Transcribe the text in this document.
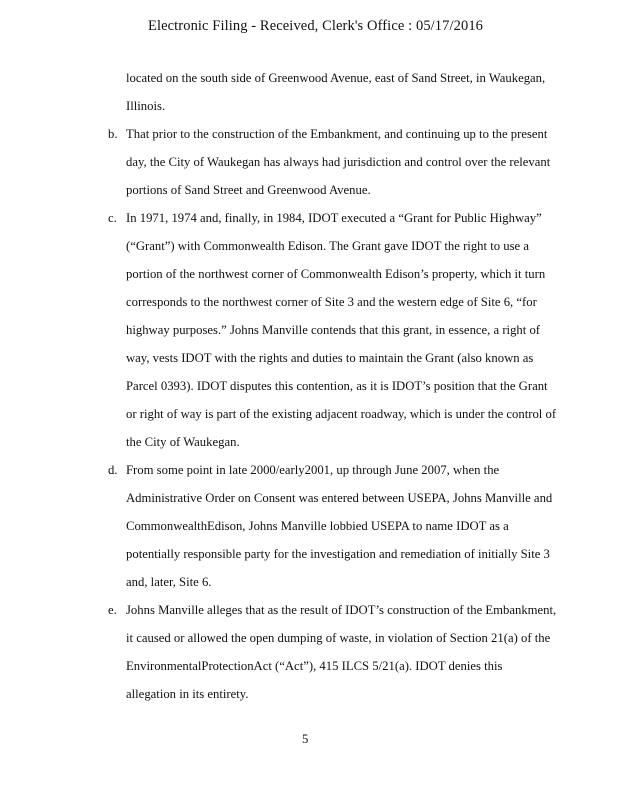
Electronic Filing - Received, Clerk's Office : 05/17/2016
located on the south side of Greenwood Avenue, east of Sand Street, in Waukegan,
Illinois.
b. That prior to the construction of the Embankment, and continuing up to the present
day, the City of Waukegan has always had jurisdiction and control over the relevant
portions of Sand Street and Greenwood Avenue.
c. In 1971, 1974 and, finally, in 1984, IDOT executed a “Grant for Public Highway”
(“Grant”) with Commonwealth Edison. The Grant gave IDOT the right to use a
portion of the northwest corner of Commonwealth Edison’s property, which it turn
corresponds to the northwest corner of Site 3 and the western edge of Site 6, “for
highway purposes.” Johns Manville contends that this grant, in essence, a right of
way, vests IDOT with the rights and duties to maintain the Grant (also known as
Parcel 0393). IDOT disputes this contention, as it is IDOT’s position that the Grant
or right of way is part of the existing adjacent roadway, which is under the control of
the City of Waukegan.
d. From some point in late 2000/early2001, up through June 2007, when the
Administrative Order on Consent was entered between USEPA, Johns Manville and
CommonwealthEdison, Johns Manville lobbied USEPA to name IDOT as a
potentially responsible party for the investigation and remediation of initially Site 3
and, later, Site 6.
e. Johns Manville alleges that as the result of IDOT’s construction of the Embankment,
it caused or allowed the open dumping of waste, in violation of Section 21(a) of the
EnvironmentalProtectionAct (“Act”), 415 ILCS 5/21(a). IDOT denies this
allegation in its entirety.
5
